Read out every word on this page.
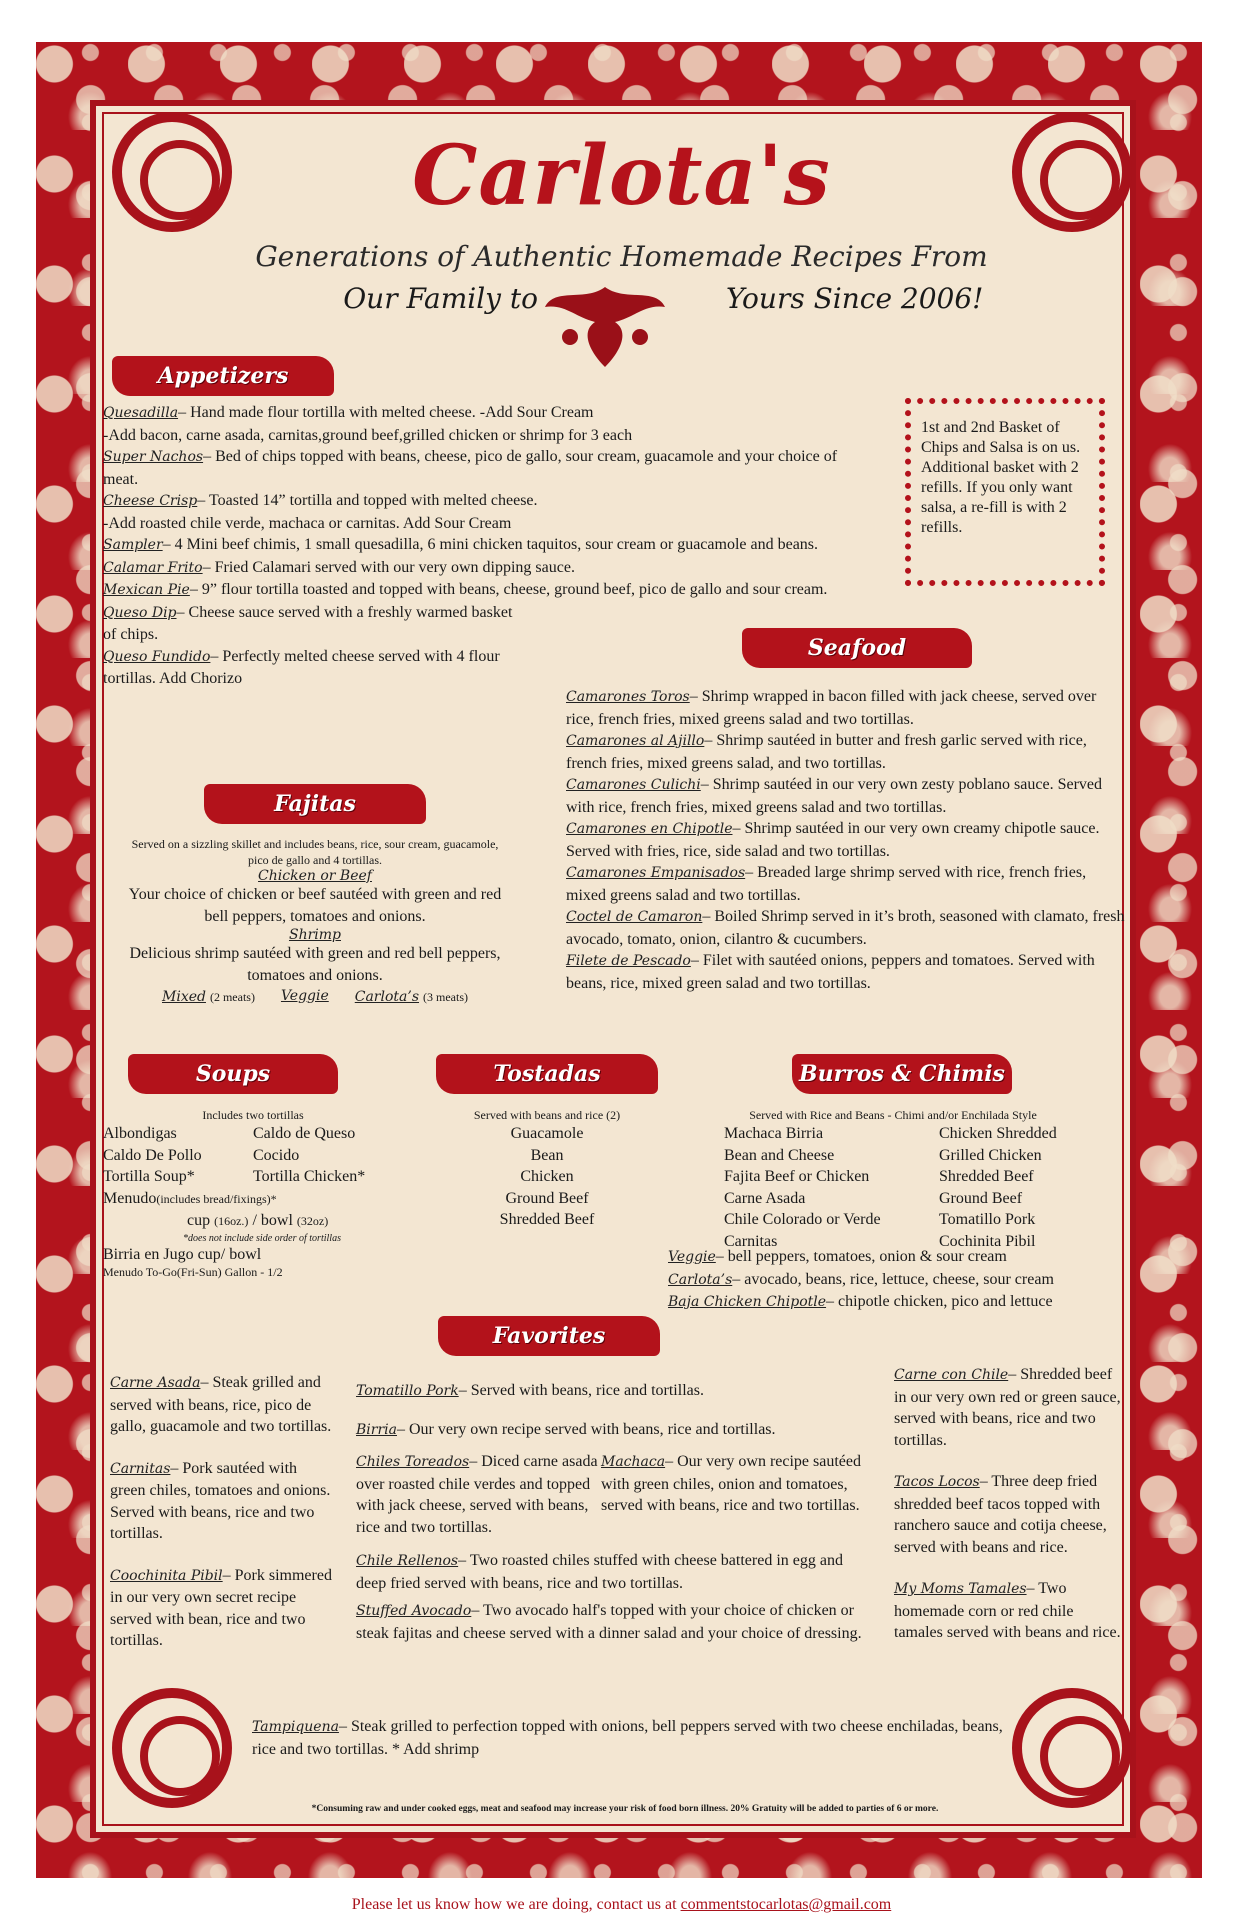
Carlota's
Generations of Authentic Homemade Recipes From
Our Family to	Yours Since 2006!
Appetizers

Quesadilla– Hand made flour tortilla with melted cheese. -Add Sour Cream

-Add bacon, carne asada, carnitas,ground beef,grilled chicken or shrimp for 3 each

Super Nachos– Bed of chips topped with beans, cheese, pico de gallo, sour cream, guacamole and your choice of meat.

Cheese Crisp– Toasted 14” tortilla and topped with melted cheese.

-Add roasted chile verde, machaca or carnitas. Add Sour Cream

Sampler– 4 Mini beef chimis, 1 small quesadilla, 6 mini chicken taquitos, sour cream or guacamole and beans.

Calamar Frito– Fried Calamari served with our very own dipping sauce.

Mexican Pie– 9” flour tortilla toasted and topped with beans, cheese, ground beef, pico de gallo and sour cream.

Queso Dip– Cheese sauce served with a freshly warmed basket of chips.

Queso Fundido– Perfectly melted cheese served with 4 flour tortillas. Add Chorizo

1st and 2nd Basket of Chips and Salsa is on us. Additional basket with 2 refills. If you only want salsa, a re-fill is with 2 refills.
Seafood

Camarones Toros– Shrimp wrapped in bacon filled with jack cheese, served over rice, french fries, mixed greens salad and two tortillas.

Camarones al Ajillo– Shrimp sautéed in butter and fresh garlic served with rice, french fries, mixed greens salad, and two tortillas.

Camarones Culichi– Shrimp sautéed in our very own zesty poblano sauce. Served with rice, french fries, mixed greens salad and two tortillas.

Camarones en Chipotle– Shrimp sautéed in our very own creamy chipotle sauce. Served with fries, rice, side salad and two tortillas.

Camarones Empanisados– Breaded large shrimp served with rice, french fries, mixed greens salad and two tortillas.

Coctel de Camaron– Boiled Shrimp served in it’s broth, seasoned with clamato, fresh avocado, tomato, onion, cilantro & cucumbers.

Filete de Pescado– Filet with sautéed onions, peppers and tomatoes. Served with beans, rice, mixed green salad and two tortillas.

Fajitas
Served on a sizzling skillet and includes beans, rice, sour cream, guacamole, pico de gallo and 4 tortillas.
Chicken or Beef
Your choice of chicken or beef sautéed with green and red bell peppers, tomatoes and onions.
Shrimp
Delicious shrimp sautéed with green and red bell peppers, tomatoes and onions.
Mixed (2 meats) Veggie Carlota’s (3 meats)
Soups
Includes two tortillas
Albondigas	Caldo de Queso
Caldo De Pollo	Cocido
Tortilla Soup*	Tortilla Chicken*
Menudo(includes bread/fixings)*
cup (16oz.) / bowl (32oz)
*does not include side order of tortillas
Birria en Jugo cup/ bowl
Menudo To-Go(Fri-Sun) Gallon - 1/2
Tostadas
Served with beans and rice (2)
Guacamole
Bean
Chicken
Ground Beef
Shredded Beef
Burros & Chimis
Served with Rice and Beans - Chimi and/or Enchilada Style
Machaca Birria	Chicken Shredded
Bean and Cheese	Grilled Chicken
Fajita Beef or Chicken	Shredded Beef
Carne Asada	Ground Beef
Chile Colorado or Verde	Tomatillo Pork
Carnitas	Cochinita Pibil

Veggie– bell peppers, tomatoes, onion & sour cream

Carlota’s– avocado, beans, rice, lettuce, cheese, sour cream

Baja Chicken Chipotle– chipotle chicken, pico and lettuce

Favorites

Carne Asada– Steak grilled and served with beans, rice, pico de gallo, guacamole and two tortillas.

Carnitas– Pork sautéed with green chiles, tomatoes and onions. Served with beans, rice and two tortillas.

Coochinita Pibil– Pork simmered in our very own secret recipe served with bean, rice and two tortillas.

Tomatillo Pork– Served with beans, rice and tortillas.

Birria– Our very own recipe served with beans, rice and tortillas.

Chiles Toreados– Diced carne asada over roasted chile verdes and topped with jack cheese, served with beans, rice and two tortillas.

Machaca– Our very own recipe sautéed with green chiles, onion and tomatoes, served with beans, rice and two tortillas.

Chile Rellenos– Two roasted chiles stuffed with cheese battered in egg and deep fried served with beans, rice and two tortillas.

Stuffed Avocado– Two avocado half's topped with your choice of chicken or steak fajitas and cheese served with a dinner salad and your choice of dressing.

Carne con Chile– Shredded beef in our very own red or green sauce, served with beans, rice and two tortillas.

Tacos Locos– Three deep fried shredded beef tacos topped with ranchero sauce and cotija cheese, served with beans and rice.

My Moms Tamales– Two homemade corn or red chile tamales served with beans and rice.

Tampiquena– Steak grilled to perfection topped with onions, bell peppers served with two cheese enchiladas, beans, rice and two tortillas. * Add shrimp

*Consuming raw and under cooked eggs, meat and seafood may increase your risk of food born illness. 20% Gratuity will be added to parties of 6 or more.
Please let us know how we are doing, contact us at commentstocarlotas@gmail.com
